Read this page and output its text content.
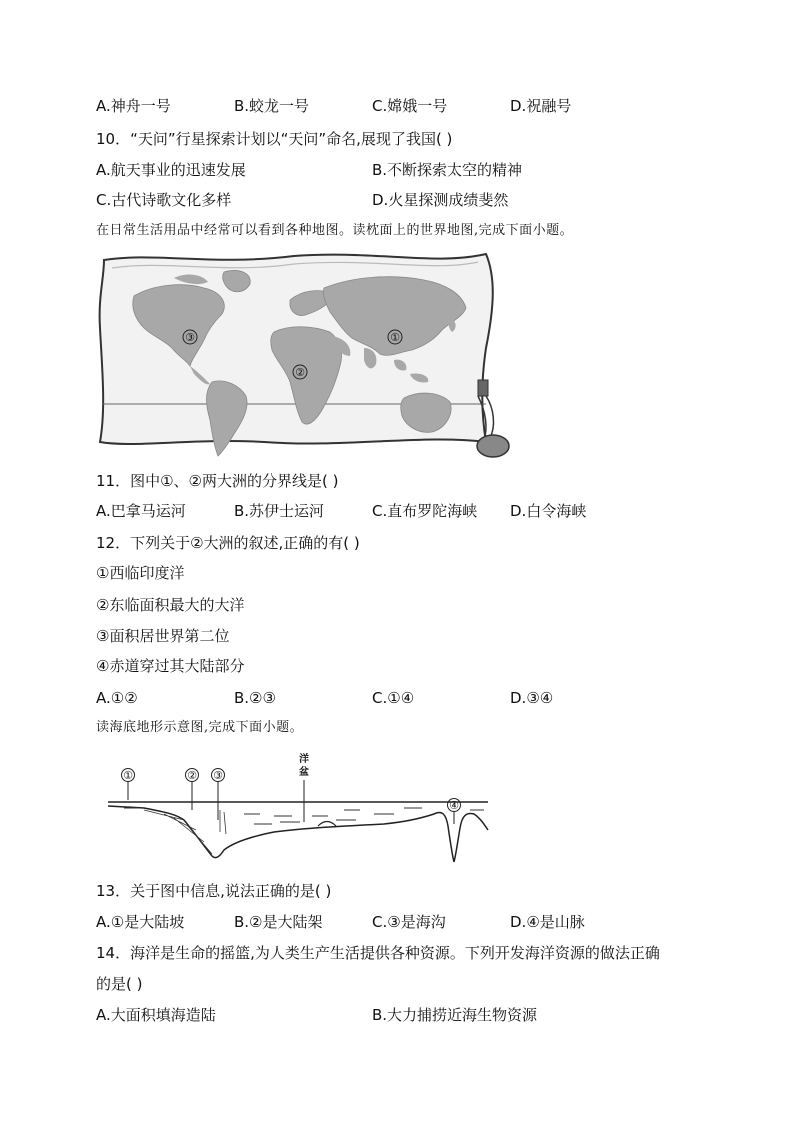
A.神舟一号	B.蛟龙一号	C.嫦娥一号	D.祝融号
10．“天问”行星探索计划以“天问”命名,展现了我国( )
A.航天事业的迅速发展	B.不断探索太空的精神
C.古代诗歌文化多样	D.火星探测成绩斐然
在日常生活用品中经常可以看到各种地图。读枕面上的世界地图,完成下面小题。
①
②
③
11．图中①、②两大洲的分界线是( )
A.巴拿马运河	B.苏伊士运河	C.直布罗陀海峡 D.白令海峡
12．下列关于②大洲的叙述,正确的有( )
①西临印度洋
②东临面积最大的大洋
③面积居世界第二位
④赤道穿过其大陆部分
A.①②	B.②③	C.①④	D.③④
读海底地形示意图,完成下面小题。
①	② ③
洋
盆
④
13．关于图中信息,说法正确的是( )
A.①是大陆坡	B.②是大陆架	C.③是海沟	D.④是山脉
14．海洋是生命的摇篮,为人类生产生活提供各种资源。下列开发海洋资源的做法正确
的是( )
A.大面积填海造陆	B.大力捕捞近海生物资源
